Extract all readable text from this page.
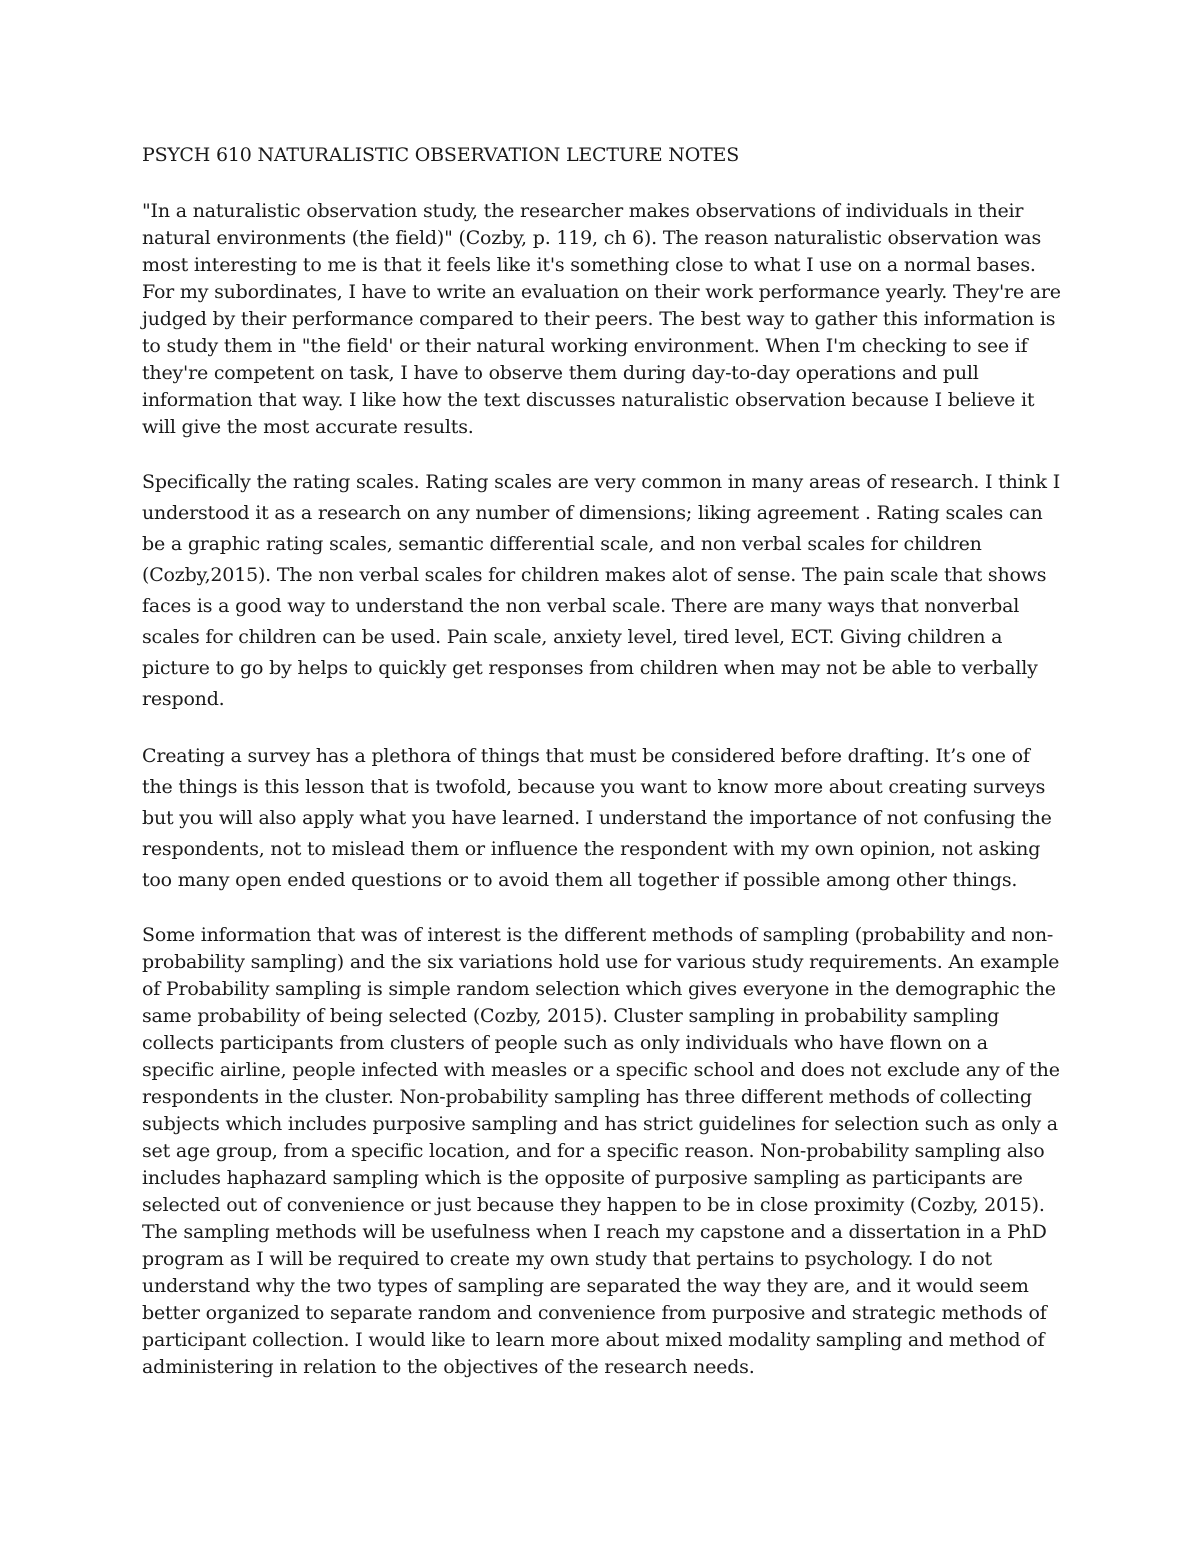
PSYCH 610 NATURALISTIC OBSERVATION LECTURE NOTES

"In a naturalistic observation study, the researcher makes observations of individuals in their natural environments (the field)" (Cozby, p. 119, ch 6). The reason naturalistic observation was most interesting to me is that it feels like it's something close to what I use on a normal bases. For my subordinates, I have to write an evaluation on their work performance yearly. They're are judged by their performance compared to their peers. The best way to gather this information is to study them in "the field' or their natural working environment. When I'm checking to see if they're competent on task, I have to observe them during day-to-day operations and pull information that way. I like how the text discusses naturalistic observation because I believe it will give the most accurate results.

Specifically the rating scales. Rating scales are very common in many areas of research. I think I understood it as a research on any number of dimensions; liking agreement . Rating scales can be a graphic rating scales, semantic differential scale, and non verbal scales for children (Cozby,2015). The non verbal scales for children makes alot of sense. The pain scale that shows faces is a good way to understand the non verbal scale. There are many ways that nonverbal scales for children can be used. Pain scale, anxiety level, tired level, ECT. Giving children a picture to go by helps to quickly get responses from children when may not be able to verbally respond.

Creating a survey has a plethora of things that must be considered before drafting. It’s one of the things is this lesson that is twofold, because you want to know more about creating surveys but you will also apply what you have learned. I understand the importance of not confusing the respondents, not to mislead them or influence the respondent with my own opinion, not asking too many open ended questions or to avoid them all together if possible among other things.

Some information that was of interest is the different methods of sampling (probability and non-probability sampling) and the six variations hold use for various study requirements. An example of Probability sampling is simple random selection which gives everyone in the demographic the same probability of being selected (Cozby, 2015). Cluster sampling in probability sampling collects participants from clusters of people such as only individuals who have flown on a specific airline, people infected with measles or a specific school and does not exclude any of the respondents in the cluster. Non-probability sampling has three different methods of collecting subjects which includes purposive sampling and has strict guidelines for selection such as only a set age group, from a specific location, and for a specific reason. Non-probability sampling also includes haphazard sampling which is the opposite of purposive sampling as participants are selected out of convenience or just because they happen to be in close proximity (Cozby, 2015). The sampling methods will be usefulness when I reach my capstone and a dissertation in a PhD program as I will be required to create my own study that pertains to psychology. I do not understand why the two types of sampling are separated the way they are, and it would seem better organized to separate random and convenience from purposive and strategic methods of participant collection. I would like to learn more about mixed modality sampling and method of administering in relation to the objectives of the research needs.
